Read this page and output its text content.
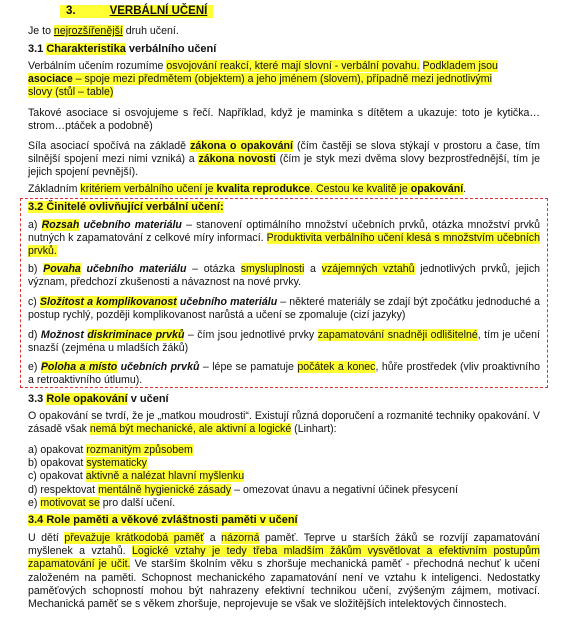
3.	VERBÁLNÍ UČENÍ

Je to nejrozšířenější druh učení.

3.1 Charakteristika verbálního učení

Verbálním učením rozumíme osvojování reakcí, které mají slovní - verbální povahu. Podkladem jsou
asociace – spoje mezi předmětem (objektem) a jeho jménem (slovem), případně mezi jednotlivými
slovy (stůl – table)

Takové asociace si osvojujeme s řečí. Například, když je maminka s dítětem a ukazuje: toto je kytička…strom…ptáček a podobně)

Síla asociací spočívá na základě zákona o opakování (čím častěji se slova stýkají v prostoru a čase, tím silnější spojení mezi nimi vzniká) a zákona novosti (čím je styk mezi dvěma slovy bezprostřednější, tím je jejich spojení pevnější).

Základním kritériem verbálního učení je kvalita reprodukce. Cestou ke kvalitě je opakování.

3.2 Činitelé ovlivňující verbální učení:

a) Rozsah učebního materiálu – stanovení optimálního množství učebních prvků, otázka množství prvků nutných k zapamatování z celkové míry informací. Produktivita verbálního učení klesá s množstvím učebních prvků.

b) Povaha učebního materiálu – otázka smysluplnosti a vzájemných vztahů jednotlivých prvků, jejich význam, předchozí zkušenosti a návaznost na nové prvky.

c) Složitost a komplikovanost učebního materiálu – některé materiály se zdají být zpočátku jednoduché a postup rychlý, později komplikovanost narůstá a učení se zpomaluje (cizí jazyky)

d) Možnost diskriminace prvků – čím jsou jednotlivé prvky zapamatování snadněji odlišitelné, tím je učení snazší (zejména u mladších žáků)

e) Poloha a místo učebních prvků – lépe se pamatuje počátek a konec, hůře prostředek (vliv proaktivního a retroaktivního útlumu).

3.3 Role opakování v učení

O opakování se tvrdí, že je „matkou moudrosti“. Existují různá doporučení a rozmanité techniky opakování. V zásadě však nemá být mechanické, ale aktivní a logické (Linhart):

a) opakovat rozmanitým způsobem
b) opakovat systematicky
c) opakovat aktivně a nalézat hlavní myšlenku
d) respektovat mentálně hygienické zásady – omezovat únavu a negativní účinek přesycení
e) motivovat se pro další učení.

3.4 Role paměti a věkové zvláštnosti paměti v učení

U dětí převažuje krátkodobá paměť a názorná paměť. Teprve u starších žáků se rozvíjí zapamatování myšlenek a vztahů. Logické vztahy je tedy třeba mladším žákům vysvětlovat a efektivním postupům zapamatování je učit. Ve starším školním věku s zhoršuje mechanická paměť - přechodná nechuť k učení založeném na paměti. Schopnost mechanického zapamatování není ve vztahu k inteligenci. Nedostatky paměťových schopností mohou být nahrazeny efektivní technikou učení, zvýšeným zájmem, motivací. Mechanická paměť se s věkem zhoršuje, neprojevuje se však ve složitějších intelektových činnostech.
